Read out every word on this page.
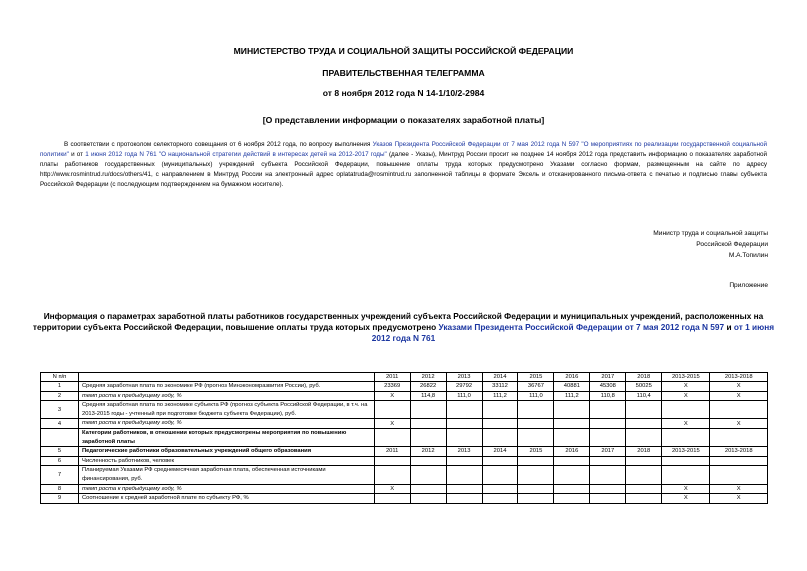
МИНИСТЕРСТВО ТРУДА И СОЦИАЛЬНОЙ ЗАЩИТЫ РОССИЙСКОЙ ФЕДЕРАЦИИ
ПРАВИТЕЛЬСТВЕННАЯ ТЕЛЕГРАММА
от 8 ноября 2012 года N 14-1/10/2-2984
[О представлении информации о показателях заработной платы]
В соответствии с протоколом селекторного совещания от 6 ноября 2012 года, по вопросу выполнения Указов Президента Российской Федерации от 7 мая 2012 года N 597 "О мероприятиях по реализации государственной социальной политики" и от 1 июня 2012 года N 761 "О национальной стратегии действий в интересах детей на 2012-2017 годы" (далее - Указы), Минтруд России просит не позднее 14 ноября 2012 года представить информацию о показателях заработной платы работников государственных (муниципальных) учреждений субъекта Российской Федерации, повышение оплаты труда которых предусмотрено Указами согласно формам, размещенным на сайте по адресу http://www.rosmintrud.ru/docs/others/41, с направлением в Минтруд России на электронный адрес oplatatruda@rosmintrud.ru заполненной таблицы в формате Эксель и отсканированного письма-ответа с печатью и подписью главы субъекта Российской Федерации (с последующим подтверждением на бумажном носителе).
Министр труда и социальной защиты
Российской Федерации
М.А.Топилин
Приложение
Информация о параметрах заработной платы работников государственных учреждений субъекта Российской Федерации и муниципальных учреждений, расположенных на территории субъекта Российской Федерации, повышение оплаты труда которых предусмотрено Указами Президента Российской Федерации от 7 мая 2012 года N 597 и от 1 июня 2012 года N 761
N п/п		2011	2012	2013	2014	2015	2016	2017	2018	2013-2015	2013-2018
1	Средняя заработная плата по экономике РФ (прогноз Минэкономразвития России), руб.	23369	26822	29792	33112	36767	40881	45308	50025	X	X
2	темп роста к предыдущему году, %	X	114,8	111,0	111,2	111,0	111,2	110,8	110,4	X	X
3	Средняя заработная плата по экономике субъекта РФ (прогноз субъекта Российской Федерации, в т.ч. на 2013-2015 годы - учтенный при подготовке бюджета субъекта Федерации), руб.										
4	темп роста к предыдущему году, %	X								X	X
	Категории работников, в отношении которых предусмотрены мероприятия по повышению заработной платы										
5	Педагогические работники образовательных учреждений общего образования	2011	2012	2013	2014	2015	2016	2017	2018	2013-2015	2013-2018
6	Численность работников, человек										
7	Планируемая Указами РФ среднемесячная заработная плата, обеспеченная источниками финансирования, руб.										
8	темп роста к предыдущему году, %	X								X	X
9	Соотношение к средней заработной плате по субъекту РФ, %									X	X
